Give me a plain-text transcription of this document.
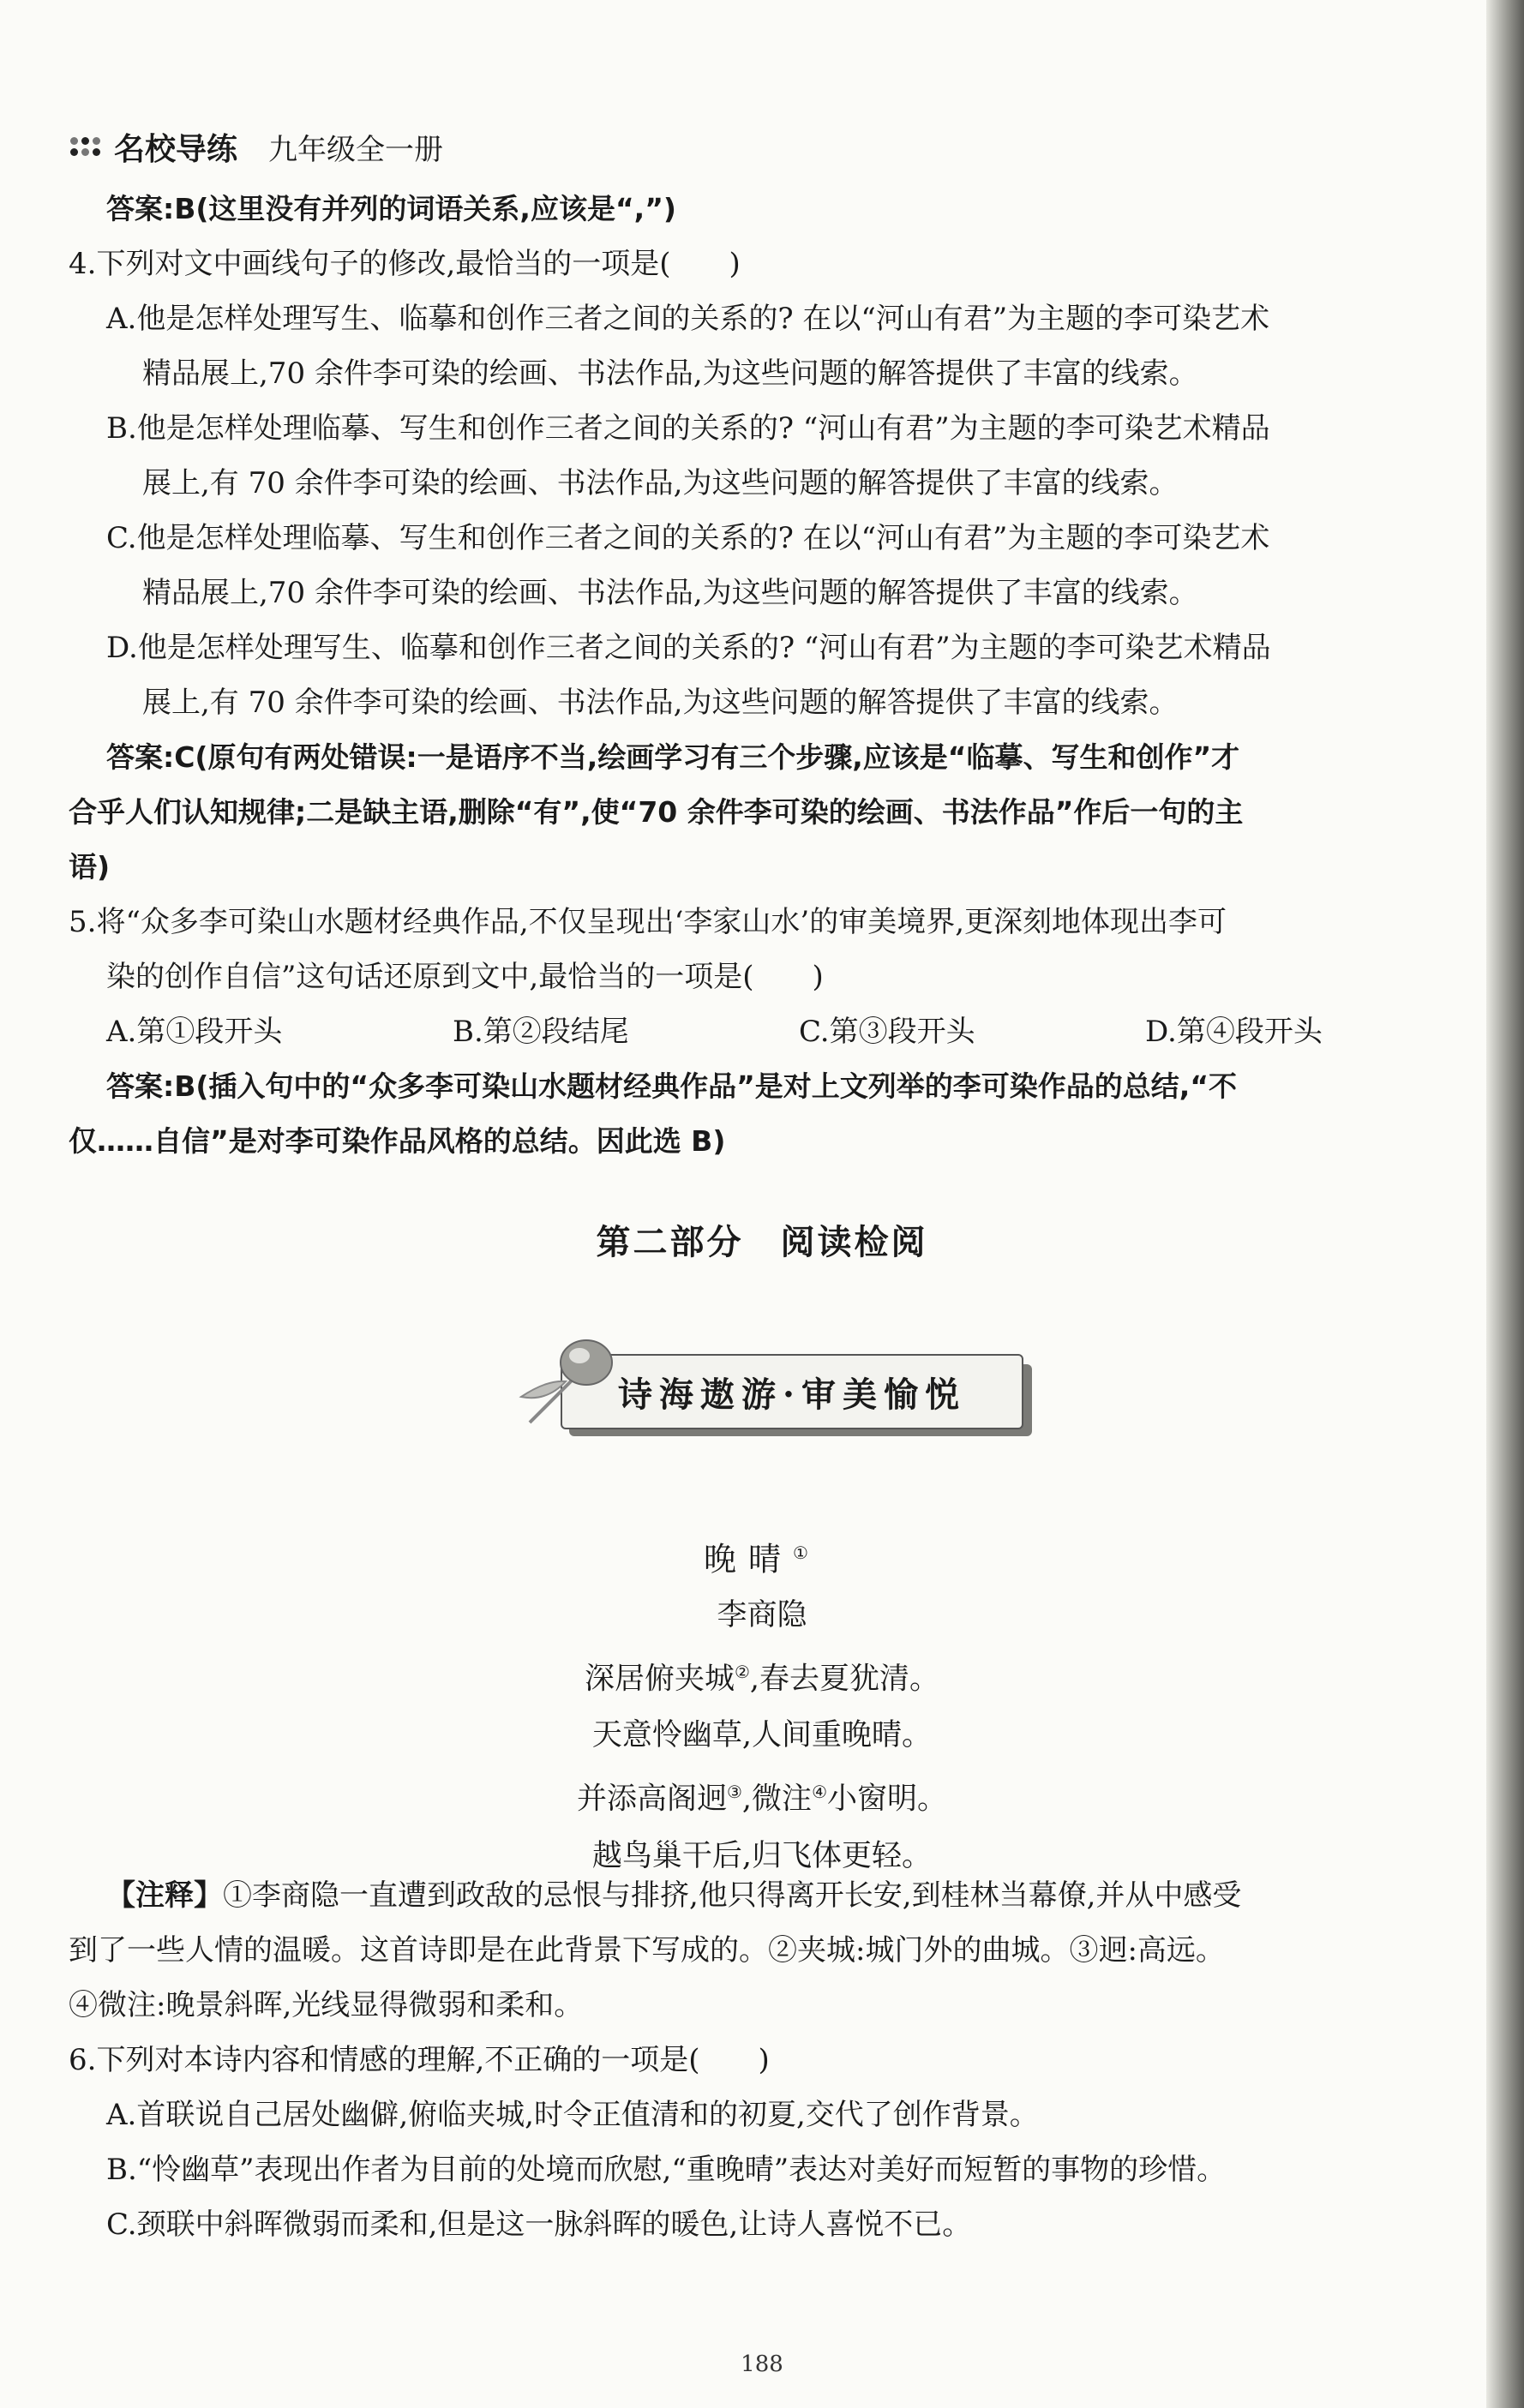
名校导练 九年级全一册
答案:B(这里没有并列的词语关系,应该是“,”)
4.下列对文中画线句子的修改,最恰当的一项是(　　)
A.他是怎样处理写生、临摹和创作三者之间的关系的? 在以“河山有君”为主题的李可染艺术
精品展上,70 余件李可染的绘画、书法作品,为这些问题的解答提供了丰富的线索。
B.他是怎样处理临摹、写生和创作三者之间的关系的? “河山有君”为主题的李可染艺术精品
展上,有 70 余件李可染的绘画、书法作品,为这些问题的解答提供了丰富的线索。
C.他是怎样处理临摹、写生和创作三者之间的关系的? 在以“河山有君”为主题的李可染艺术
精品展上,70 余件李可染的绘画、书法作品,为这些问题的解答提供了丰富的线索。
D.他是怎样处理写生、临摹和创作三者之间的关系的? “河山有君”为主题的李可染艺术精品
展上,有 70 余件李可染的绘画、书法作品,为这些问题的解答提供了丰富的线索。
答案:C(原句有两处错误:一是语序不当,绘画学习有三个步骤,应该是“临摹、写生和创作”才
合乎人们认知规律;二是缺主语,删除“有”,使“70 余件李可染的绘画、书法作品”作后一句的主
语)
5.将“众多李可染山水题材经典作品,不仅呈现出‘李家山水’的审美境界,更深刻地体现出李可
染的创作自信”这句话还原到文中,最恰当的一项是(　　)
A.第①段开头	B.第②段结尾	C.第③段开头	D.第④段开头
答案:B(插入句中的“众多李可染山水题材经典作品”是对上文列举的李可染作品的总结,“不
仅……自信”是对李可染作品风格的总结。因此选 B)
第二部分　阅读检阅
诗海遨游·审美愉悦
晚晴①
李商隐
深居俯夹城②,春去夏犹清。
天意怜幽草,人间重晚晴。
并添高阁迥③,微注④小窗明。
越鸟巢干后,归飞体更轻。
【注释】①李商隐一直遭到政敌的忌恨与排挤,他只得离开长安,到桂林当幕僚,并从中感受
到了一些人情的温暖。这首诗即是在此背景下写成的。②夹城:城门外的曲城。③迥:高远。
④微注:晚景斜晖,光线显得微弱和柔和。
6.下列对本诗内容和情感的理解,不正确的一项是(　　)
A.首联说自己居处幽僻,俯临夹城,时令正值清和的初夏,交代了创作背景。
B.“怜幽草”表现出作者为目前的处境而欣慰,“重晚晴”表达对美好而短暂的事物的珍惜。
C.颈联中斜晖微弱而柔和,但是这一脉斜晖的暖色,让诗人喜悦不已。
188
